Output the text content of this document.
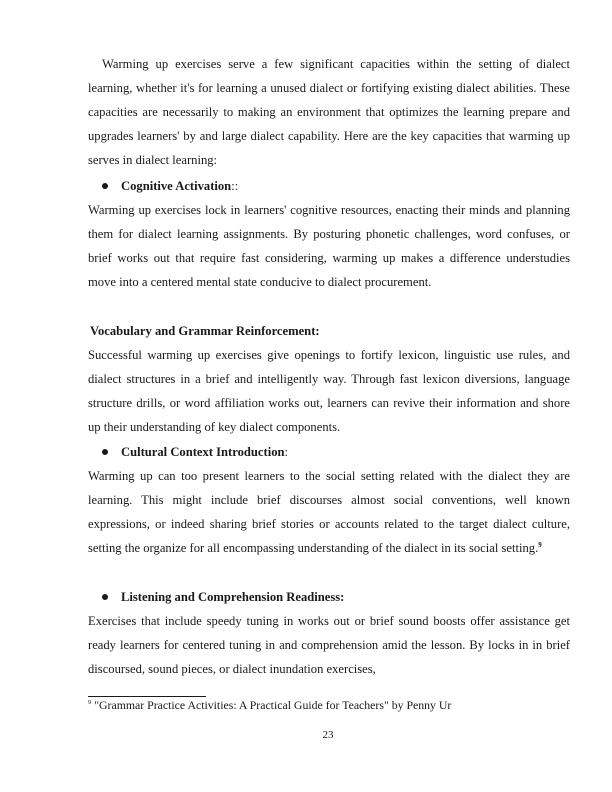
Warming up exercises serve a few significant capacities within the setting of dialect learning, whether it's for learning a unused dialect or fortifying existing dialect abilities. These capacities are necessarily to making an environment that optimizes the learning prepare and upgrades learners' by and large dialect capability. Here are the key capacities that warming up serves in dialect learning:

Cognitive Activation::

Warming up exercises lock in learners' cognitive resources, enacting their minds and planning them for dialect learning assignments. By posturing phonetic challenges, word confuses, or brief works out that require fast considering, warming up makes a difference understudies move into a centered mental state conducive to dialect procurement.

Vocabulary and Grammar Reinforcement:

Successful warming up exercises give openings to fortify lexicon, linguistic use rules, and dialect structures in a brief and intelligently way. Through fast lexicon diversions, language structure drills, or word affiliation works out, learners can revive their information and shore up their understanding of key dialect components.

Cultural Context Introduction:

Warming up can too present learners to the social setting related with the dialect they are learning. This might include brief discourses almost social conventions, well known expressions, or indeed sharing brief stories or accounts related to the target dialect culture, setting the organize for all encompassing understanding of the dialect in its social setting.$^9$

Listening and Comprehension Readiness:

Exercises that include speedy tuning in works out or brief sound boosts offer assistance get ready learners for centered tuning in and comprehension amid the lesson. By locks in in brief discoursed, sound pieces, or dialect inundation exercises,

$^9$ "Grammar Practice Activities: A Practical Guide for Teachers" by Penny Ur
23
